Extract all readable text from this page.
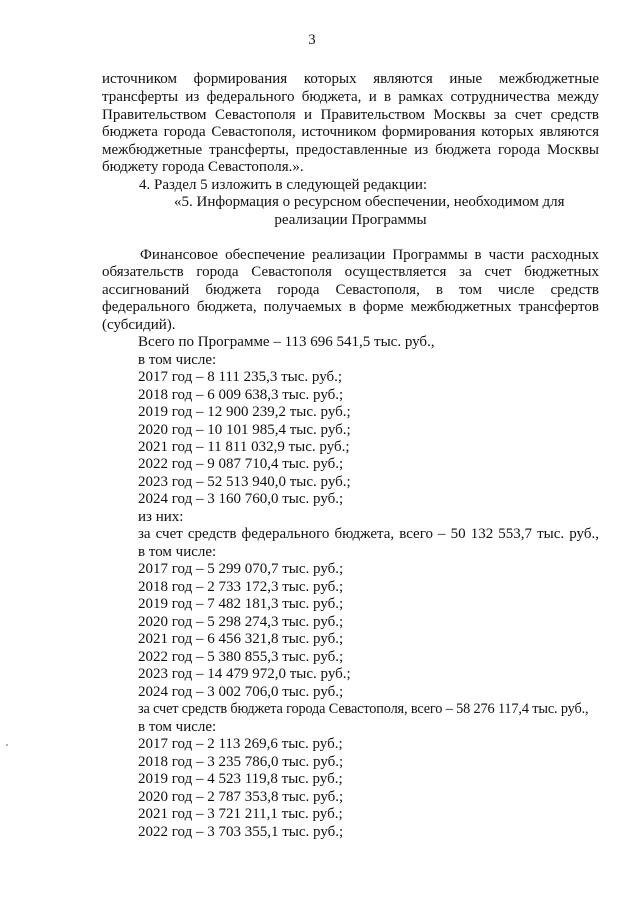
3
источником формирования которых являются иные межбюджетные
трансферты из федерального бюджета, и в рамках сотрудничества между
Правительством Севастополя и Правительством Москвы за счет средств
бюджета города Севастополя, источником формирования которых являются
межбюджетные трансферты, предоставленные из бюджета города Москвы
бюджету города Севастополя.».
4. Раздел 5 изложить в следующей редакции:
«5. Информация о ресурсном обеспечении, необходимом для
реализации Программы
Финансовое обеспечение реализации Программы в части расходных
обязательств города Севастополя осуществляется за счет бюджетных
ассигнований бюджета города Севастополя, в том числе средств
федерального бюджета, получаемых в форме межбюджетных трансфертов
(субсидий).
Всего по Программе – 113 696 541,5 тыс. руб.,
в том числе:
2017 год – 8 111 235,3 тыс. руб.;
2018 год – 6 009 638,3 тыс. руб.;
2019 год – 12 900 239,2 тыс. руб.;
2020 год – 10 101 985,4 тыс. руб.;
2021 год – 11 811 032,9 тыс. руб.;
2022 год – 9 087 710,4 тыс. руб.;
2023 год – 52 513 940,0 тыс. руб.;
2024 год – 3 160 760,0 тыс. руб.;
из них:
за счет средств федерального бюджета, всего – 50 132 553,7 тыс. руб.,
в том числе:
2017 год – 5 299 070,7 тыс. руб.;
2018 год – 2 733 172,3 тыс. руб.;
2019 год – 7 482 181,3 тыс. руб.;
2020 год – 5 298 274,3 тыс. руб.;
2021 год – 6 456 321,8 тыс. руб.;
2022 год – 5 380 855,3 тыс. руб.;
2023 год – 14 479 972,0 тыс. руб.;
2024 год – 3 002 706,0 тыс. руб.;
за счет средств бюджета города Севастополя, всего – 58 276 117,4 тыс. руб.,
в том числе:
2017 год – 2 113 269,6 тыс. руб.;
2018 год – 3 235 786,0 тыс. руб.;
2019 год – 4 523 119,8 тыс. руб.;
2020 год – 2 787 353,8 тыс. руб.;
2021 год – 3 721 211,1 тыс. руб.;
2022 год – 3 703 355,1 тыс. руб.;
